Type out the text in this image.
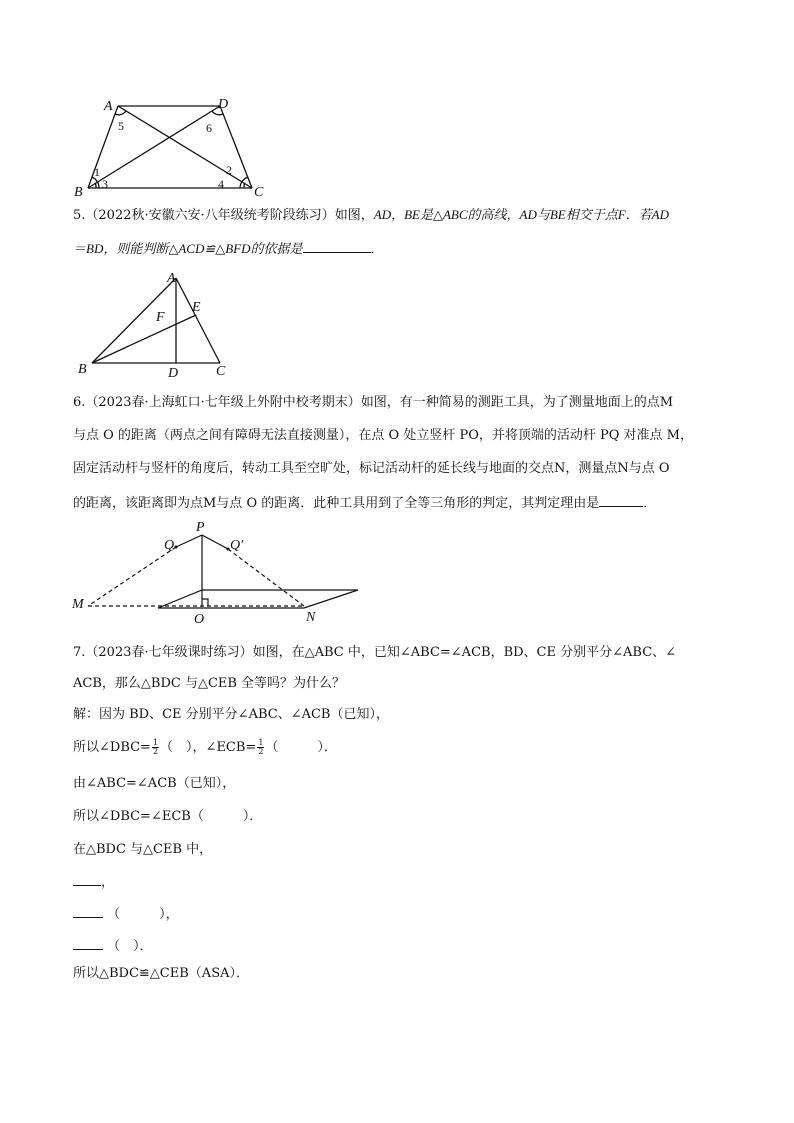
A	D
B	C
5	6
1
3
2
4
5.（2022秋·安徽六安·八年级统考阶段练习）如图，AD，BE是△ABC的高线，AD与BE相交于点F．若AD
＝BD，则能判断△ACD≌△BFD的依据是	．
A
E
F
B	D	C
6.（2023春·上海虹口·七年级上外附中校考期末）如图，有一种简易的测距工具，为了测量地面上的点M
与点 O 的距离（两点之间有障碍无法直接测量），在点 O 处立竖杆 PO，并将顶端的活动杆 PQ 对准点 M，
固定活动杆与竖杆的角度后，转动工具至空旷处，标记活动杆的延长线与地面的交点N，测量点N与点 O
的距离，该距离即为点M与点 O 的距离．此种工具用到了全等三角形的判定，其判定理由是	．
P
Q	Q′
M
O	N
7.（2023春·七年级课时练习）如图，在△ABC 中，已知∠ABC=∠ACB，BD、CE 分别平分∠ABC、∠
ACB，那么△BDC 与△CEB 全等吗？为什么？
解：因为 BD、CE 分别平分∠ABC、∠ACB（已知），
所以∠DBC= $\frac{1}{2}$ （　），∠ECB= $\frac{1}{2}$ （　　　）．
由∠ABC=∠ACB（已知），
所以∠DBC=∠ECB（　　　）．
在△BDC 与△CEB 中，
，
（　　　），
（　）．
所以△BDC≌△CEB（ASA）．
